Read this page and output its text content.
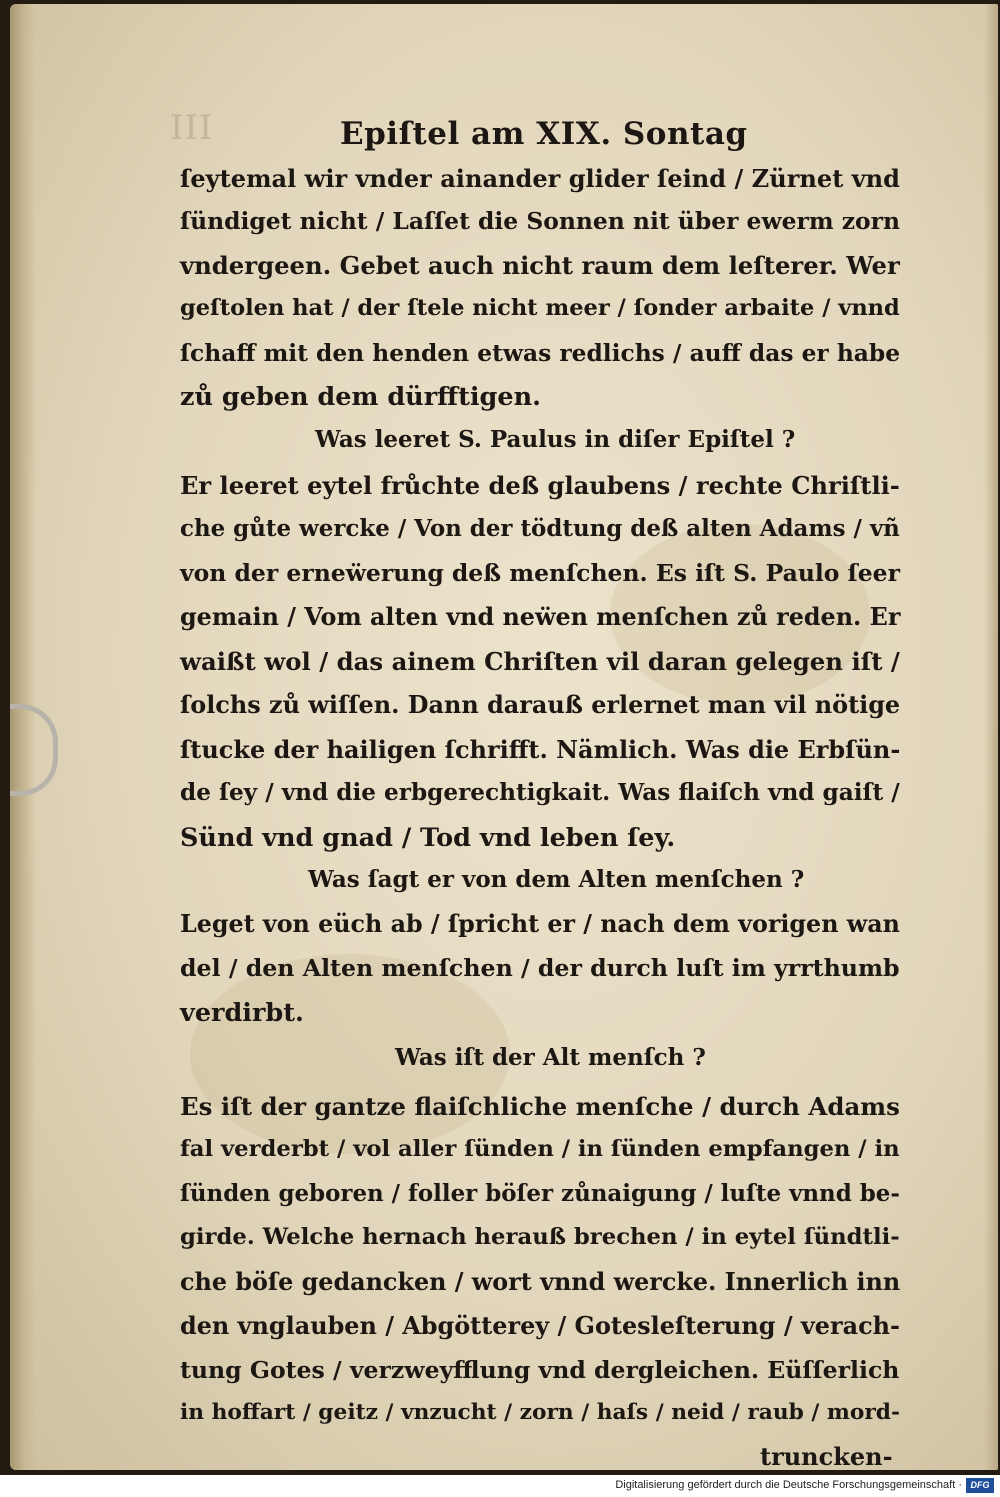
III	Epiſtel am XIX. Sontag
ſeytemal wir vnder ainander glider ſeind / Zürnet vnd
ſündiget nicht / Laſſet die Sonnen nit über ewerm zorn
vndergeen. Gebet auch nicht raum dem leſterer. Wer
geſtolen hat / der ſtele nicht meer / ſonder arbaite / vnnd
ſchaff mit den henden etwas redlichs / auff das er habe
zů geben dem dürfftigen.
Was leeret S. Paulus in diſer Epiſtel ?
Er leeret eytel frůchte deß glaubens / rechte Chriſtli-
che gůte wercke / Von der tödtung deß alten Adams / vñ
von der erneẅerung deß menſchen. Es iſt S. Paulo ſeer
gemain / Vom alten vnd neẅen menſchen zů reden. Er
waißt wol / das ainem Chriſten vil daran gelegen iſt /
ſolchs zů wiſſen. Dann darauß erlernet man vil nötige
ſtucke der hailigen ſchrifft. Nämlich. Was die Erbſün-
de ſey / vnd die erbgerechtigkait. Was flaiſch vnd gaiſt /
Sünd vnd gnad / Tod vnd leben ſey.
Was ſagt er von dem Alten menſchen ?
Leget von eüch ab / ſpricht er / nach dem vorigen wan
del / den Alten menſchen / der durch luſt im yrrthumb
verdirbt.
Was iſt der Alt menſch ?
Es iſt der gantze flaiſchliche menſche / durch Adams
fal verderbt / vol aller ſünden / in ſünden empfangen / in
ſünden geboren / foller böſer zůnaigung / luſte vnnd be-
girde. Welche hernach herauß brechen / in eytel ſündtli-
che böſe gedancken / wort vnnd wercke. Innerlich inn
den vnglauben / Abgötterey / Gotesleſterung / verach-
tung Gotes / verzweyfflung vnd dergleichen. Eüſſerlich
in hoffart / geitz / vnzucht / zorn / haſs / neid / raub / mord-
truncken-
Digitalisierung gefördert durch die Deutsche Forschungsgemeinschaft · DFG
